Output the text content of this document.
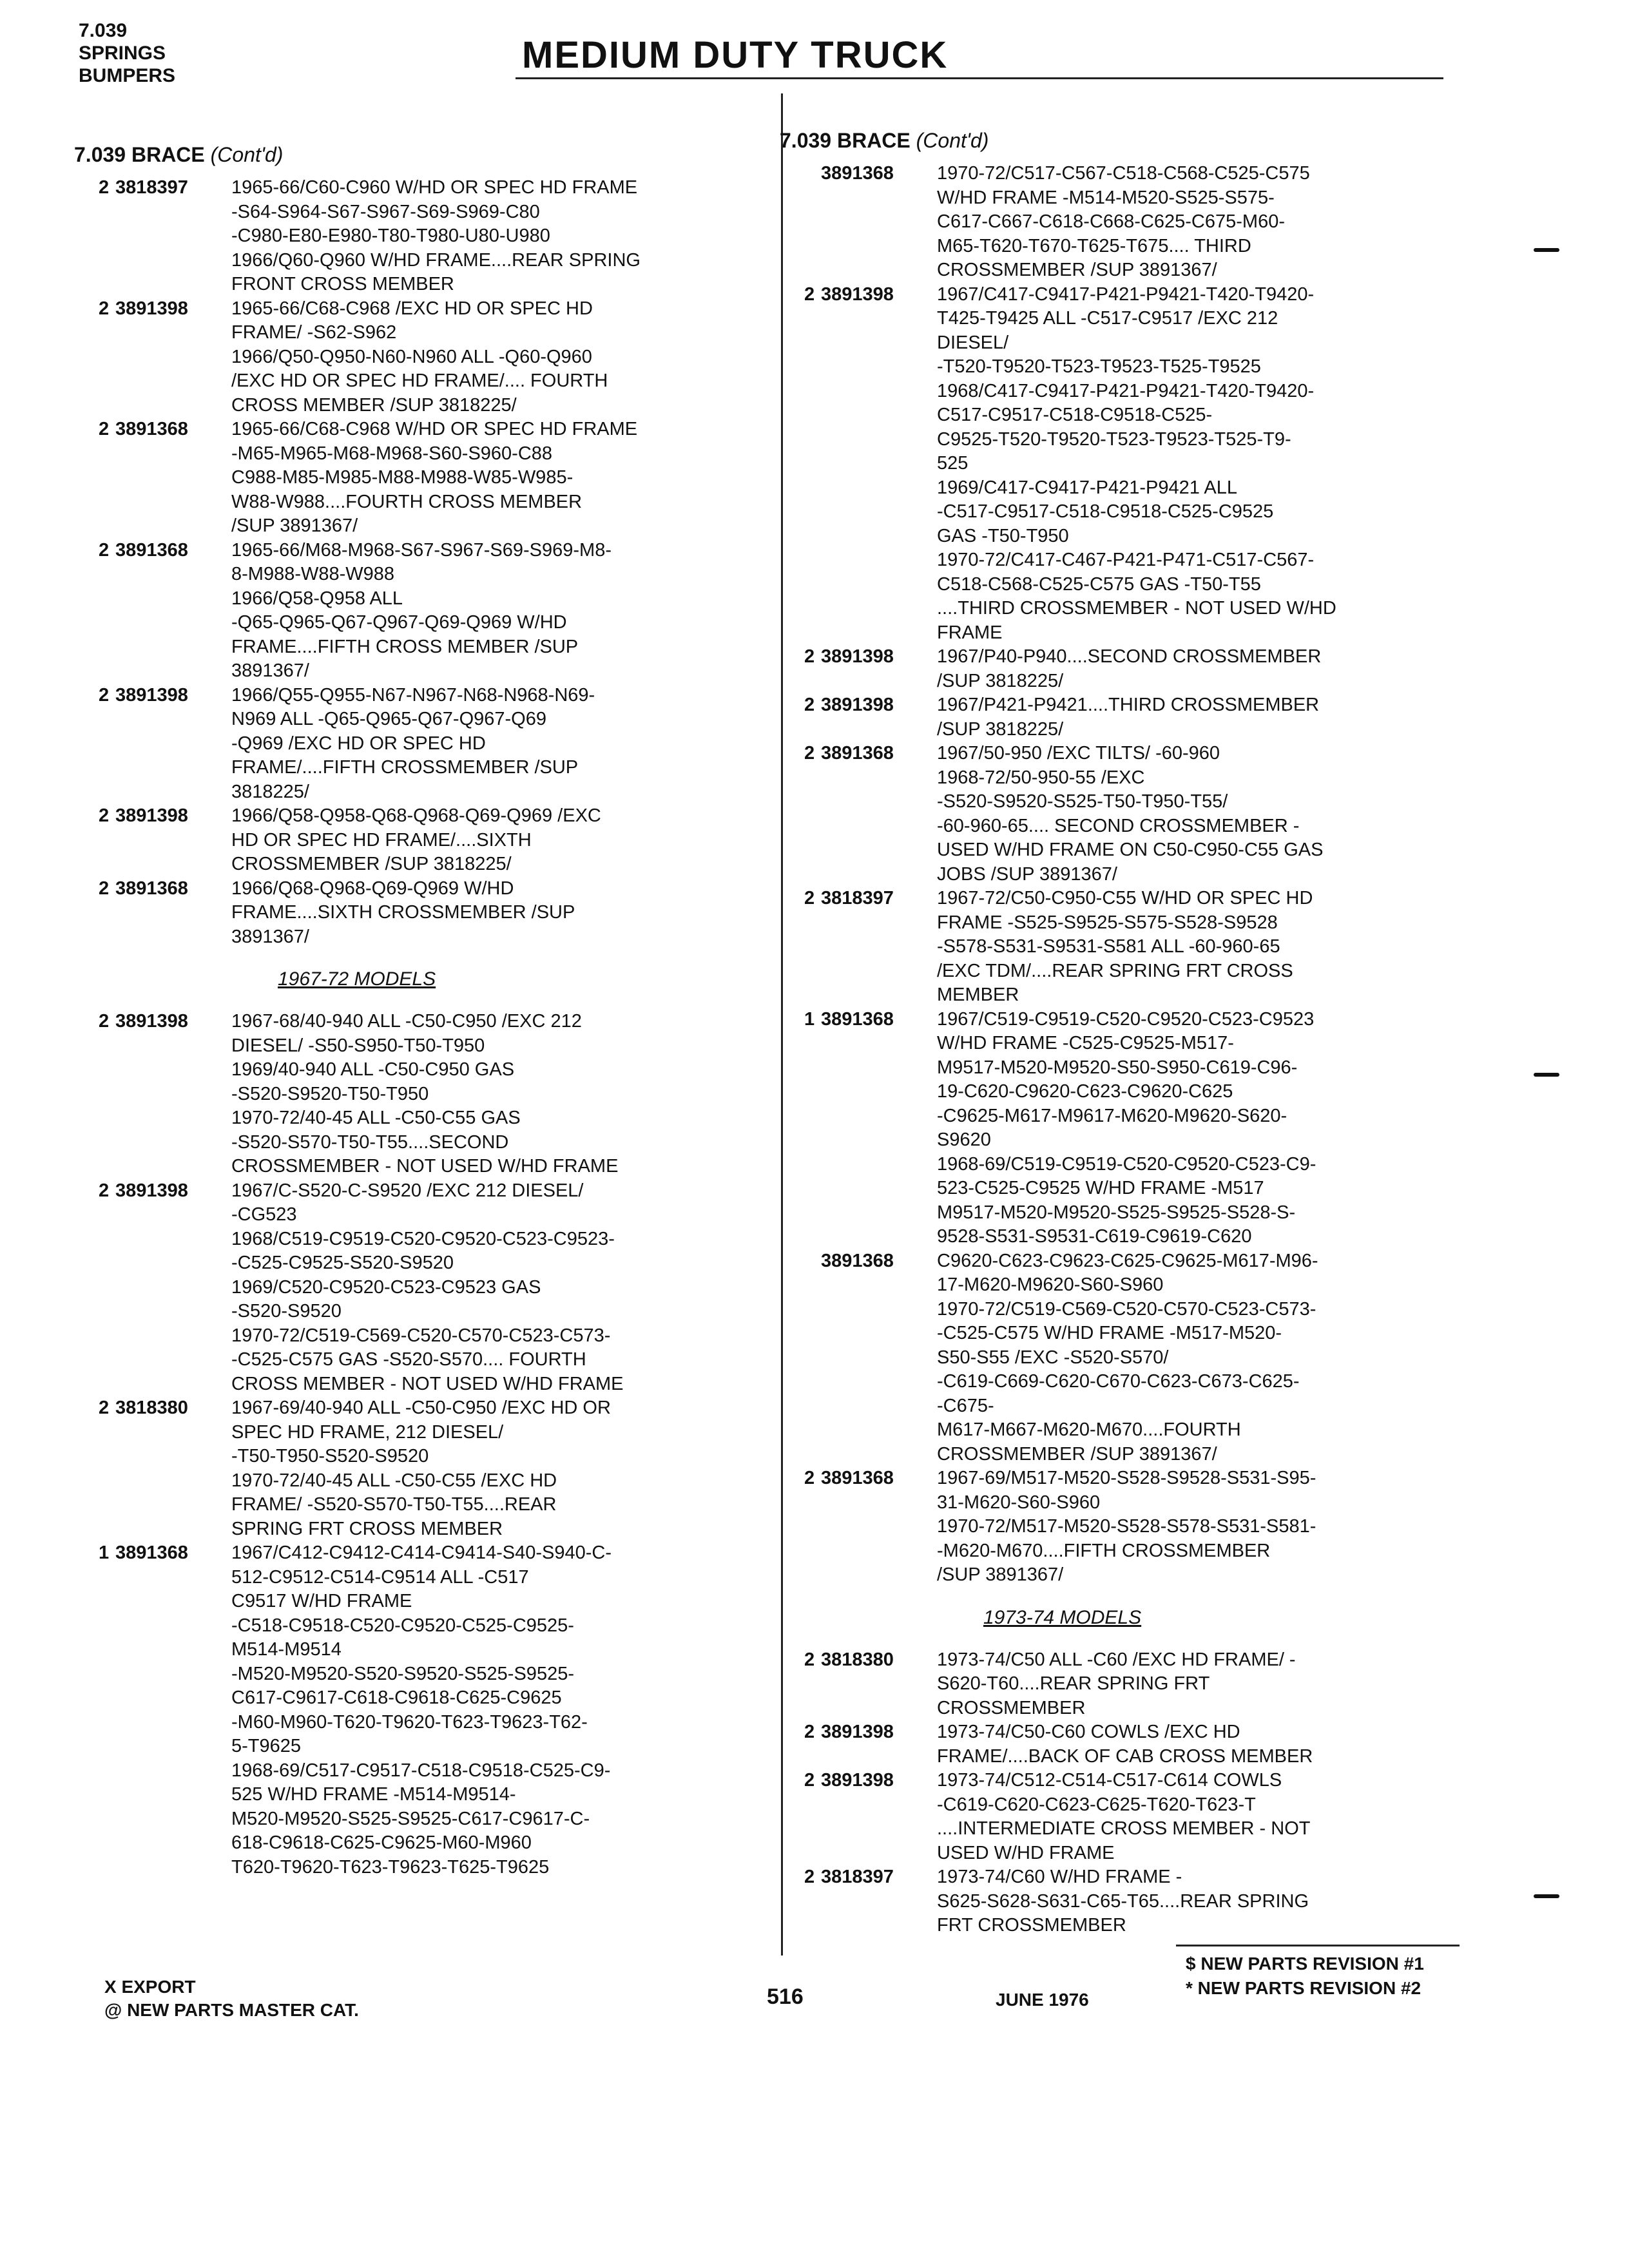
7.039
SPRINGS
BUMPERS	MEDIUM DUTY TRUCK
7.039 BRACE (Cont'd)
2 3818397	1965-66/C60-C960 W/HD OR SPEC HD FRAME
-S64-S964-S67-S967-S69-S969-C80
-C980-E80-E980-T80-T980-U80-U980
1966/Q60-Q960 W/HD FRAME....REAR SPRING
FRONT CROSS MEMBER
2 3891398	1965-66/C68-C968 /EXC HD OR SPEC HD
FRAME/ -S62-S962
1966/Q50-Q950-N60-N960 ALL -Q60-Q960
/EXC HD OR SPEC HD FRAME/.... FOURTH
CROSS MEMBER /SUP 3818225/
2 3891368	1965-66/C68-C968 W/HD OR SPEC HD FRAME
-M65-M965-M68-M968-S60-S960-C88
C988-M85-M985-M88-M988-W85-W985-
W88-W988....FOURTH CROSS MEMBER
/SUP 3891367/
2 3891368	1965-66/M68-M968-S67-S967-S69-S969-M8-
8-M988-W88-W988
1966/Q58-Q958 ALL
-Q65-Q965-Q67-Q967-Q69-Q969 W/HD
FRAME....FIFTH CROSS MEMBER /SUP
3891367/
2 3891398	1966/Q55-Q955-N67-N967-N68-N968-N69-
N969 ALL -Q65-Q965-Q67-Q967-Q69
-Q969 /EXC HD OR SPEC HD
FRAME/....FIFTH CROSSMEMBER /SUP
3818225/
2 3891398	1966/Q58-Q958-Q68-Q968-Q69-Q969 /EXC
HD OR SPEC HD FRAME/....SIXTH
CROSSMEMBER /SUP 3818225/
2 3891368	1966/Q68-Q968-Q69-Q969 W/HD
FRAME....SIXTH CROSSMEMBER /SUP
3891367/
1967-72 MODELS
2 3891398	1967-68/40-940 ALL -C50-C950 /EXC 212
DIESEL/ -S50-S950-T50-T950
1969/40-940 ALL -C50-C950 GAS
-S520-S9520-T50-T950
1970-72/40-45 ALL -C50-C55 GAS
-S520-S570-T50-T55....SECOND
CROSSMEMBER - NOT USED W/HD FRAME
2 3891398	1967/C-S520-C-S9520 /EXC 212 DIESEL/
-CG523
1968/C519-C9519-C520-C9520-C523-C9523-
-C525-C9525-S520-S9520
1969/C520-C9520-C523-C9523 GAS
-S520-S9520
1970-72/C519-C569-C520-C570-C523-C573-
-C525-C575 GAS -S520-S570.... FOURTH
CROSS MEMBER - NOT USED W/HD FRAME
2 3818380	1967-69/40-940 ALL -C50-C950 /EXC HD OR
SPEC HD FRAME, 212 DIESEL/
-T50-T950-S520-S9520
1970-72/40-45 ALL -C50-C55 /EXC HD
FRAME/ -S520-S570-T50-T55....REAR
SPRING FRT CROSS MEMBER
1 3891368	1967/C412-C9412-C414-C9414-S40-S940-C-
512-C9512-C514-C9514 ALL -C517
C9517 W/HD FRAME
-C518-C9518-C520-C9520-C525-C9525-
M514-M9514
-M520-M9520-S520-S9520-S525-S9525-
C617-C9617-C618-C9618-C625-C9625
-M60-M960-T620-T9620-T623-T9623-T62-
5-T9625
1968-69/C517-C9517-C518-C9518-C525-C9-
525 W/HD FRAME -M514-M9514-
M520-M9520-S525-S9525-C617-C9617-C-
618-C9618-C625-C9625-M60-M960
T620-T9620-T623-T9623-T625-T9625
7.039 BRACE (Cont'd)
3891368	1970-72/C517-C567-C518-C568-C525-C575
W/HD FRAME -M514-M520-S525-S575-
C617-C667-C618-C668-C625-C675-M60-
M65-T620-T670-T625-T675.... THIRD
CROSSMEMBER /SUP 3891367/
2 3891398	1967/C417-C9417-P421-P9421-T420-T9420-
T425-T9425 ALL -C517-C9517 /EXC 212
DIESEL/
-T520-T9520-T523-T9523-T525-T9525
1968/C417-C9417-P421-P9421-T420-T9420-
C517-C9517-C518-C9518-C525-
C9525-T520-T9520-T523-T9523-T525-T9-
525
1969/C417-C9417-P421-P9421 ALL
-C517-C9517-C518-C9518-C525-C9525
GAS -T50-T950
1970-72/C417-C467-P421-P471-C517-C567-
C518-C568-C525-C575 GAS -T50-T55
....THIRD CROSSMEMBER - NOT USED W/HD
FRAME
2 3891398	1967/P40-P940....SECOND CROSSMEMBER
/SUP 3818225/
2 3891398	1967/P421-P9421....THIRD CROSSMEMBER
/SUP 3818225/
2 3891368	1967/50-950 /EXC TILTS/ -60-960
1968-72/50-950-55 /EXC
-S520-S9520-S525-T50-T950-T55/
-60-960-65.... SECOND CROSSMEMBER -
USED W/HD FRAME ON C50-C950-C55 GAS
JOBS /SUP 3891367/
2 3818397	1967-72/C50-C950-C55 W/HD OR SPEC HD
FRAME -S525-S9525-S575-S528-S9528
-S578-S531-S9531-S581 ALL -60-960-65
/EXC TDM/....REAR SPRING FRT CROSS
MEMBER
1 3891368	1967/C519-C9519-C520-C9520-C523-C9523
W/HD FRAME -C525-C9525-M517-
M9517-M520-M9520-S50-S950-C619-C96-
19-C620-C9620-C623-C9620-C625
-C9625-M617-M9617-M620-M9620-S620-
S9620
1968-69/C519-C9519-C520-C9520-C523-C9-
523-C525-C9525 W/HD FRAME -M517
M9517-M520-M9520-S525-S9525-S528-S-
9528-S531-S9531-C619-C9619-C620
3891368	C9620-C623-C9623-C625-C9625-M617-M96-
17-M620-M9620-S60-S960
1970-72/C519-C569-C520-C570-C523-C573-
-C525-C575 W/HD FRAME -M517-M520-
S50-S55 /EXC -S520-S570/
-C619-C669-C620-C670-C623-C673-C625-
-C675-
M617-M667-M620-M670....FOURTH
CROSSMEMBER /SUP 3891367/
2 3891368	1967-69/M517-M520-S528-S9528-S531-S95-
31-M620-S60-S960
1970-72/M517-M520-S528-S578-S531-S581-
-M620-M670....FIFTH CROSSMEMBER
/SUP 3891367/
1973-74 MODELS
2 3818380	1973-74/C50 ALL -C60 /EXC HD FRAME/ -
S620-T60....REAR SPRING FRT
CROSSMEMBER
2 3891398	1973-74/C50-C60 COWLS /EXC HD
FRAME/....BACK OF CAB CROSS MEMBER
2 3891398	1973-74/C512-C514-C517-C614 COWLS
-C619-C620-C623-C625-T620-T623-T
....INTERMEDIATE CROSS MEMBER - NOT
USED W/HD FRAME
2 3818397	1973-74/C60 W/HD FRAME -
S625-S628-S631-C65-T65....REAR SPRING
FRT CROSSMEMBER
X EXPORT
@ NEW PARTS MASTER CAT.
516	JUNE 1976
$ NEW PARTS REVISION #1
* NEW PARTS REVISION #2
